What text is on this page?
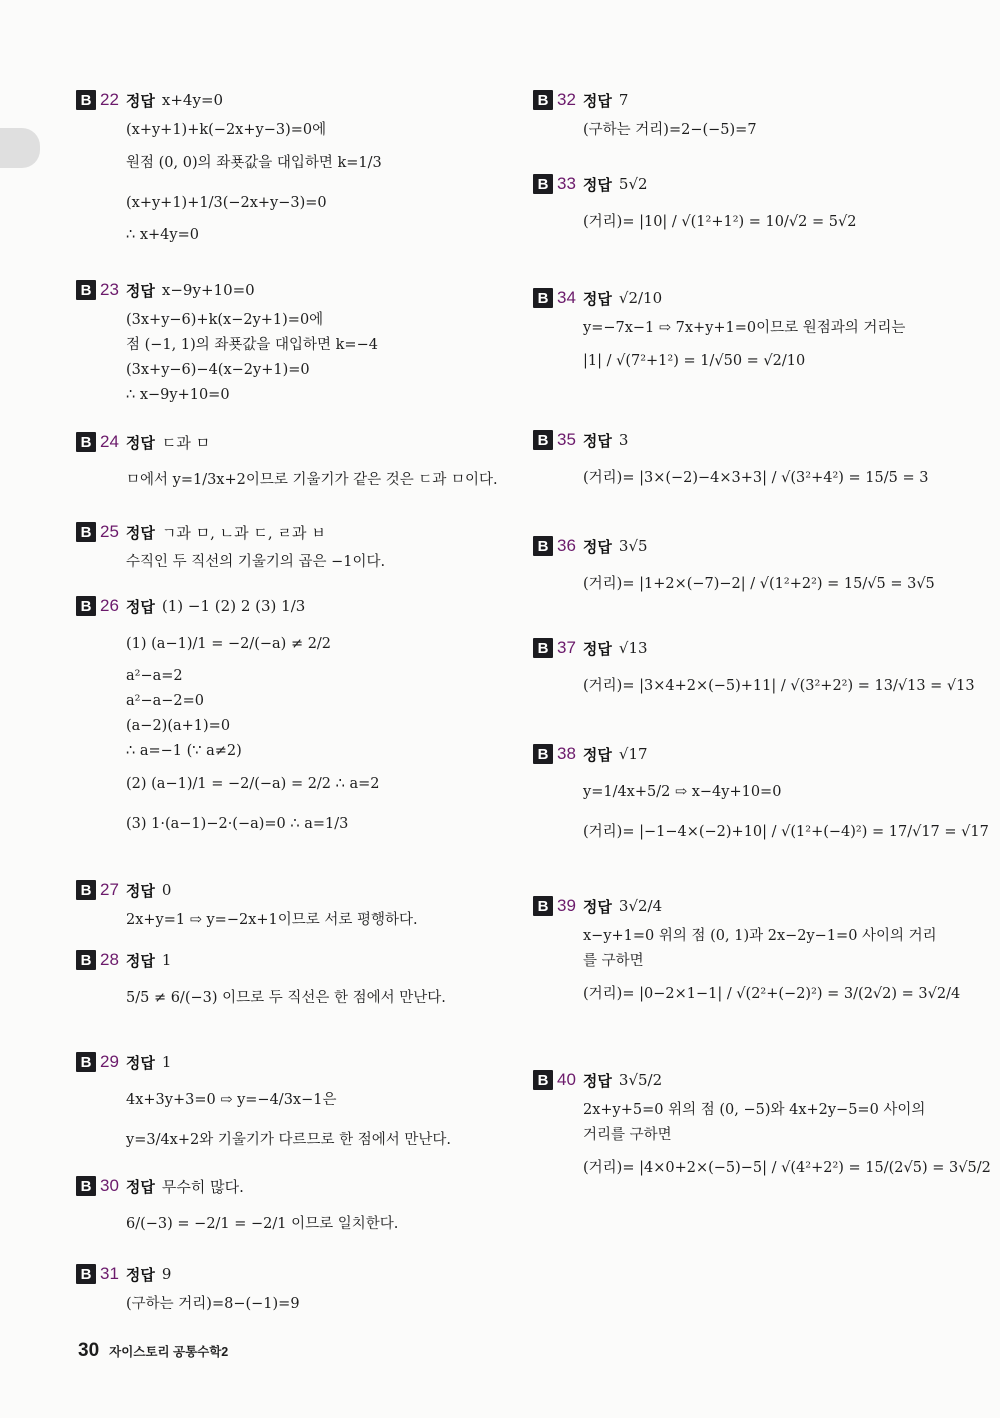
B 22 정답 x+4y=0
(x+y+1)+k(−2x+y−3)=0에
원점 (0, 0)의 좌푯값을 대입하면 k=1/3
(x+y+1)+1/3(−2x+y−3)=0
∴ x+4y=0
B 23 정답 x−9y+10=0
(3x+y−6)+k(x−2y+1)=0에
점 (−1, 1)의 좌푯값을 대입하면 k=−4
(3x+y−6)−4(x−2y+1)=0
∴ x−9y+10=0
B 24 정답 ㄷ과 ㅁ
ㅁ에서 y=1/3x+2이므로 기울기가 같은 것은 ㄷ과 ㅁ이다.
B 25 정답 ㄱ과 ㅁ, ㄴ과 ㄷ, ㄹ과 ㅂ
수직인 두 직선의 기울기의 곱은 −1이다.
B 26 정답 (1) −1 (2) 2 (3) 1/3
(1) (a−1)/1 = −2/(−a) ≠ 2/2
a²−a=2
a²−a−2=0
(a−2)(a+1)=0
∴ a=−1 (∵ a≠2)
(2) (a−1)/1 = −2/(−a) = 2/2 ∴ a=2
(3) 1·(a−1)−2·(−a)=0 ∴ a=1/3
B 27 정답 0
2x+y=1 ⇨ y=−2x+1이므로 서로 평행하다.
B 28 정답 1
5/5 ≠ 6/(−3) 이므로 두 직선은 한 점에서 만난다.
B 29 정답 1
4x+3y+3=0 ⇨ y=−4/3x−1은
y=3/4x+2와 기울기가 다르므로 한 점에서 만난다.
B 30 정답 무수히 많다.
6/(−3) = −2/1 = −2/1 이므로 일치한다.
B 31 정답 9
(구하는 거리)=8−(−1)=9
B 32 정답 7
(구하는 거리)=2−(−5)=7
B 33 정답 5√2
(거리)= |10| / √(1²+1²) = 10/√2 = 5√2
B 34 정답 √2/10
y=−7x−1 ⇨ 7x+y+1=0이므로 원점과의 거리는
|1| / √(7²+1²) = 1/√50 = √2/10
B 35 정답 3
(거리)= |3×(−2)−4×3+3| / √(3²+4²) = 15/5 = 3
B 36 정답 3√5
(거리)= |1+2×(−7)−2| / √(1²+2²) = 15/√5 = 3√5
B 37 정답 √13
(거리)= |3×4+2×(−5)+11| / √(3²+2²) = 13/√13 = √13
B 38 정답 √17
y=1/4x+5/2 ⇨ x−4y+10=0
(거리)= |−1−4×(−2)+10| / √(1²+(−4)²) = 17/√17 = √17
B 39 정답 3√2/4
x−y+1=0 위의 점 (0, 1)과 2x−2y−1=0 사이의 거리
를 구하면
(거리)= |0−2×1−1| / √(2²+(−2)²) = 3/(2√2) = 3√2/4
B 40 정답 3√5/2
2x+y+5=0 위의 점 (0, −5)와 4x+2y−5=0 사이의
거리를 구하면
(거리)= |4×0+2×(−5)−5| / √(4²+2²) = 15/(2√5) = 3√5/2
30 자이스토리 공통수학2
